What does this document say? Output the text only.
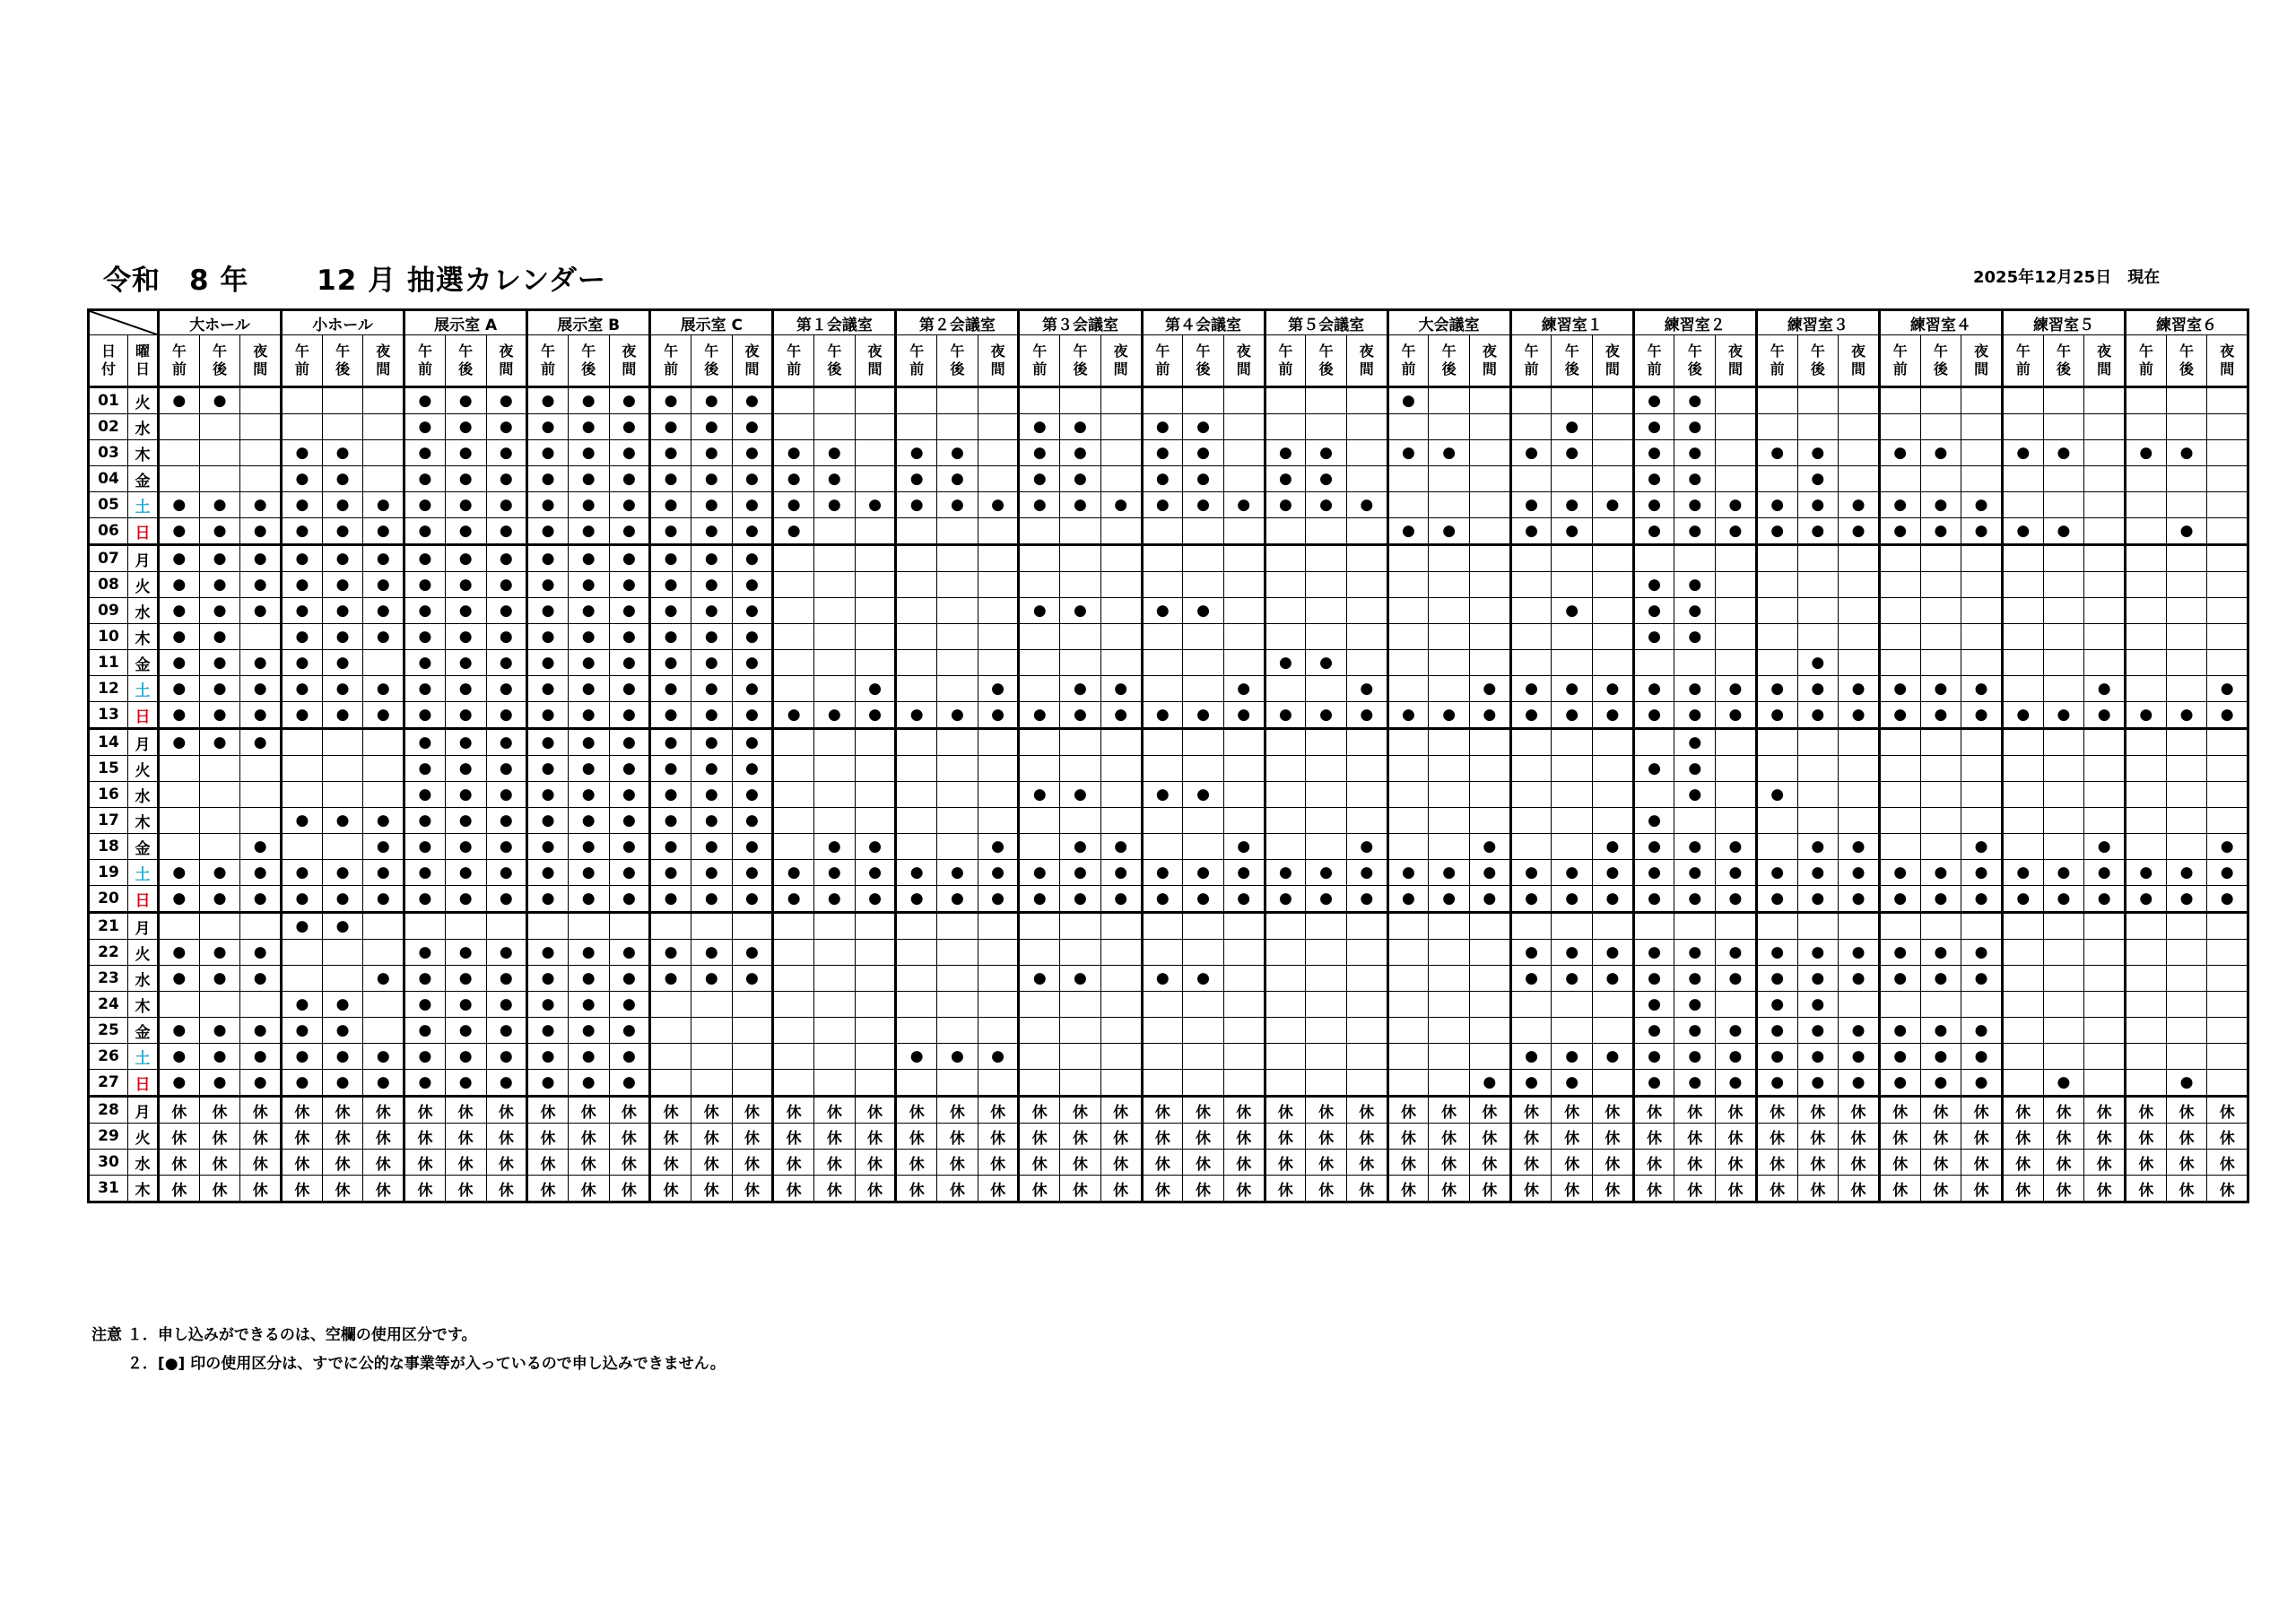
令和　8 年　　 12 月 抽選カレンダー	2025年12月25日　現在
	大ホール			小ホール			展示室 A			展示室 B			展示室 C			第１会議室			第２会議室			第３会議室			第４会議室			第５会議室			大会議室			練習室１			練習室２			練習室３			練習室４			練習室５			練習室６		
日付	曜日	午前	午後	夜間	午前	午後	夜間	午前	午後	夜間	午前	午後	夜間	午前	午後	夜間	午前	午後	夜間	午前	午後	夜間	午前	午後	夜間	午前	午後	夜間	午前	午後	夜間	午前	午後	夜間	午前	午後	夜間	午前	午後	夜間	午前	午後	夜間	午前	午後	夜間	午前	午後	夜間	午前	午後	夜間
01	火	●	●					●	●	●	●	●	●	●	●	●																●						●	●													
02	水							●	●	●	●	●	●	●	●	●							●	●		●	●									●		●	●													
03	木				●	●		●	●	●	●	●	●	●	●	●	●	●		●	●		●	●		●	●		●	●		●	●		●	●		●	●		●	●		●	●		●	●		●	●	
04	金				●	●		●	●	●	●	●	●	●	●	●	●	●		●	●		●	●		●	●		●	●								●	●			●										
05	土	●	●	●	●	●	●	●	●	●	●	●	●	●	●	●	●	●	●	●	●	●	●	●	●	●	●	●	●	●	●				●	●	●	●	●	●	●	●	●	●	●	●						
06	日	●	●	●	●	●	●	●	●	●	●	●	●	●	●	●	●															●	●		●	●		●	●	●	●	●	●	●	●	●	●	●			●	
07	月	●	●	●	●	●	●	●	●	●	●	●	●	●	●	●																																				
08	火	●	●	●	●	●	●	●	●	●	●	●	●	●	●	●																						●	●													
09	水	●	●	●	●	●	●	●	●	●	●	●	●	●	●	●							●	●		●	●									●		●	●													
10	木	●	●		●	●	●	●	●	●	●	●	●	●	●	●																						●	●													
11	金	●	●	●	●	●		●	●	●	●	●	●	●	●	●													●	●												●										
12	土	●	●	●	●	●	●	●	●	●	●	●	●	●	●	●			●			●		●	●			●			●			●	●	●	●	●	●	●	●	●	●	●	●	●			●			●
13	日	●	●	●	●	●	●	●	●	●	●	●	●	●	●	●	●	●	●	●	●	●	●	●	●	●	●	●	●	●	●	●	●	●	●	●	●	●	●	●	●	●	●	●	●	●	●	●	●	●	●	●
14	月	●	●	●				●	●	●	●	●	●	●	●	●																							●													
15	火							●	●	●	●	●	●	●	●	●																						●	●													
16	水							●	●	●	●	●	●	●	●	●							●	●		●	●												●		●											
17	木				●	●	●	●	●	●	●	●	●	●	●	●																						●														
18	金			●			●	●	●	●	●	●	●	●	●	●		●	●			●		●	●			●			●			●			●	●	●	●		●	●			●			●			●
19	土	●	●	●	●	●	●	●	●	●	●	●	●	●	●	●	●	●	●	●	●	●	●	●	●	●	●	●	●	●	●	●	●	●	●	●	●	●	●	●	●	●	●	●	●	●	●	●	●	●	●	●
20	日	●	●	●	●	●	●	●	●	●	●	●	●	●	●	●	●	●	●	●	●	●	●	●	●	●	●	●	●	●	●	●	●	●	●	●	●	●	●	●	●	●	●	●	●	●	●	●	●	●	●	●
21	月				●	●																																														
22	火	●	●	●				●	●	●	●	●	●	●	●	●																			●	●	●	●	●	●	●	●	●	●	●	●						
23	水	●	●	●			●	●	●	●	●	●	●	●	●	●							●	●		●	●								●	●	●	●	●	●	●	●	●	●	●	●						
24	木				●	●		●	●	●	●	●	●																									●	●		●	●										
25	金	●	●	●	●	●		●	●	●	●	●	●																									●	●	●	●	●	●	●	●	●						
26	土	●	●	●	●	●	●	●	●	●	●	●	●							●	●	●													●	●	●	●	●	●	●	●	●	●	●	●						
27	日	●	●	●	●	●	●	●	●	●	●	●	●																					●	●	●		●	●	●	●	●	●	●	●	●		●			●	
28	月	休	休	休	休	休	休	休	休	休	休	休	休	休	休	休	休	休	休	休	休	休	休	休	休	休	休	休	休	休	休	休	休	休	休	休	休	休	休	休	休	休	休	休	休	休	休	休	休	休	休	休
29	火	休	休	休	休	休	休	休	休	休	休	休	休	休	休	休	休	休	休	休	休	休	休	休	休	休	休	休	休	休	休	休	休	休	休	休	休	休	休	休	休	休	休	休	休	休	休	休	休	休	休	休
30	水	休	休	休	休	休	休	休	休	休	休	休	休	休	休	休	休	休	休	休	休	休	休	休	休	休	休	休	休	休	休	休	休	休	休	休	休	休	休	休	休	休	休	休	休	休	休	休	休	休	休	休
31	木	休	休	休	休	休	休	休	休	休	休	休	休	休	休	休	休	休	休	休	休	休	休	休	休	休	休	休	休	休	休	休	休	休	休	休	休	休	休	休	休	休	休	休	休	休	休	休	休	休	休	休
注意 １．申し込みができるのは、空欄の使用区分です。
　　 ２．[●] 印の使用区分は、すでに公的な事業等が入っているので申し込みできません。
